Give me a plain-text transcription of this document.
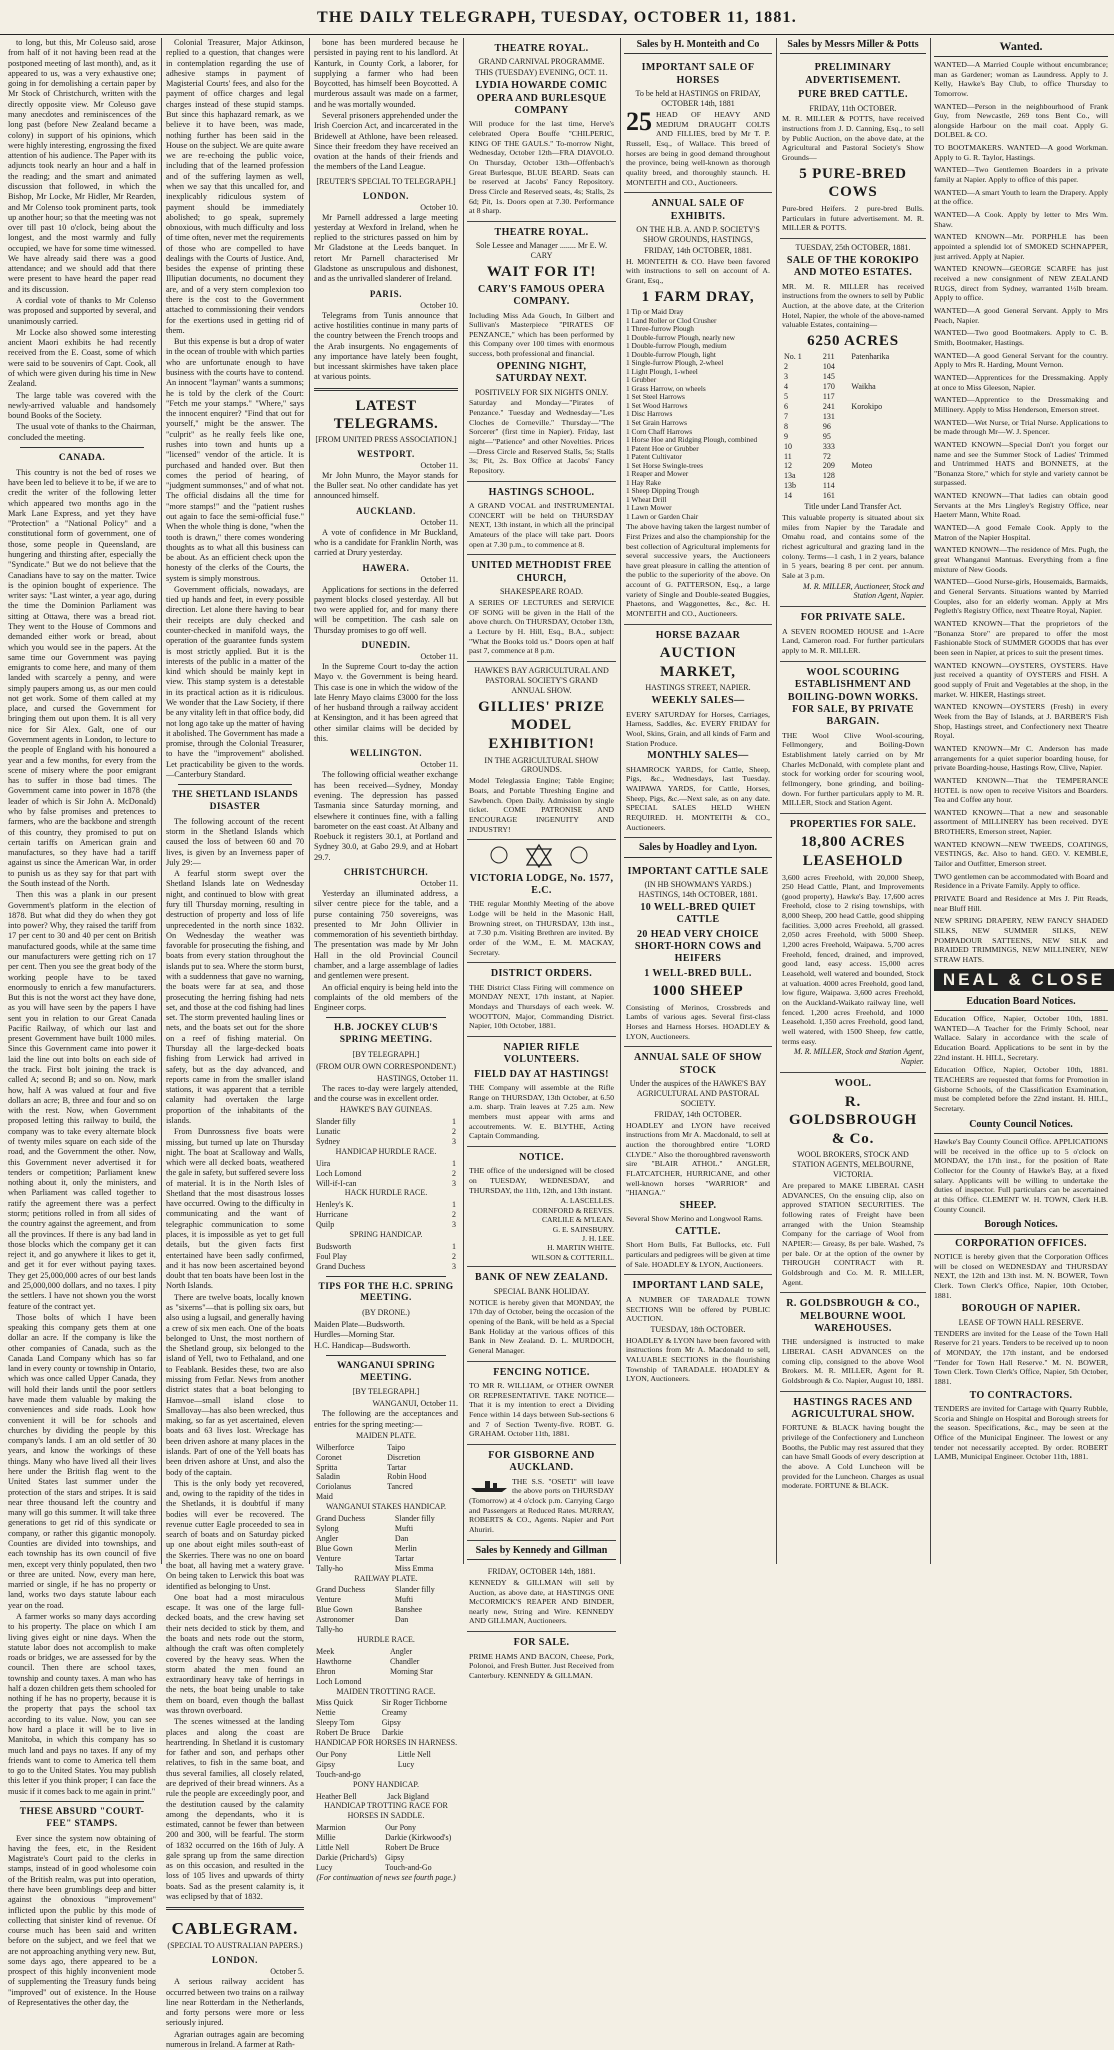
THE DAILY TELEGRAPH, TUESDAY, OCTOBER 11, 1881.

to long, but this, Mr Coleuso said, arose from half of it not having been read at the postponed meeting of last month), and, as it appeared to us, was a very exhaustive one; going in for demolishing a certain paper by Mr Stock of Christchurch, written with the directly opposite view. Mr Coleuso gave many anecdotes and reminiscences of the long past (before New Zealand became a colony) in support of his opinions, which were highly interesting, engrossing the fixed attention of his audience. The Paper with its adjuncts took nearly an hour and a half in the reading; and the smart and animated discussion that followed, in which the Bishop, Mr Locke, Mr Hidler, Mr Rearden, and Mr Colenso took prominent parts, took up another hour; so that the meeting was not over till past 10 o'clock, being about the longest, and the most warmly and fully occupied, we have for some time witnessed. We have already said there was a good attendance; and we should add that there were present to have heard the paper read and its discussion.

A cordial vote of thanks to Mr Colenso was proposed and supported by several, and unanimously carried.

Mr Locke also showed some interesting ancient Maori exhibits he had recently received from the E. Coast, some of which were said to be souvenirs of Capt. Cook, all of which were given during his time in New Zealand.

The large table was covered with the newly-arrived valuable and handsomely bound Books of the Society.

The usual vote of thanks to the Chairman, concluded the meeting.

CANADA.

This country is not the bed of roses we have been led to believe it to be, if we are to credit the writer of the following letter which appeared two months ago in the Mark Lane Express, and yet they have "Protection" a "National Policy" and a constitutional form of government, one of those, some people in Queensland, are hungering and thirsting after, especially the "Syndicate." But we do not believe that the Canadians have to say on the matter. Twice is the opinion bought of experience. The writer says: "Last winter, a year ago, during the time the Dominion Parliament was sitting at Ottawa, there was a bread riot. They went to the House of Commons and demanded either work or bread, about which you would see in the papers. At the same time our Government was paying emigrants to come here, and many of them landed with scarcely a penny, and were simply paupers among us, as our men could not get work. Some of them called at my place, and cursed the Government for bringing them out upon them. It is all very nice for Sir Alex. Galt, one of our Government agents in London, to lecture to the people of England with his honoured a year and a few months, for every from the scene of misery where the poor emigrant has to suffer in those bad times. The Government came into power in 1878 (the leader of which is Sir John A. McDonald) who by false promises and pretences to farmers, who are the backbone and strength of this country, they promised to put on certain tariffs on American grain and manufactures, so they have had a tariff against us since the American War, in order to punish us as they say for that part with the South instead of the North.

Then this was a plank in our present Government's platform in the election of 1878. But what did they do when they got into power? Why, they raised the tariff from 17 per cent to 30 and 40 per cent on British manufactured goods, while at the same time our manufacturers were getting rich on 17 per cent. Then you see the great body of the working people have to be taxed enormously to enrich a few manufacturers. But this is not the worst act they have done, as you will have seen by the papers I have sent you in relation to our Great Canada Pacific Railway, of which our last and present Government have built 1000 miles. Since this Government came into power it laid the line out into bolts on each side of the track. First bolt joining the track is called A; second B; and so on. Now, mark how, half A was valued at four and five dollars an acre; B, three and four and so on with the rest. Now, when Government proposed letting this railway to build, the company was to take every alternate block of twenty miles square on each side of the road, and the Government the other. Now, this Government never advertised it for tenders or competition; Parliament knew nothing about it, only the ministers, and when Parliament was called together to ratify the agreement there was a perfect storm; petitions rolled in from all sides of the country against the agreement, and from all the provinces. If there is any bad land in those blocks which the company get it can reject it, and go anywhere it likes to get it, and get it for ever without paying taxes. They get 25,000,000 acres of our best lands and 25,000,000 dollars, and no taxes. I pity the settlers. I have not shown you the worst feature of the contract yet.

Those bolts of which I have been speaking this company gets them at one dollar an acre. If the company is like the other companies of Canada, such as the Canada Land Company which has so far land in every county or township in Ontario, which was once called Upper Canada, they will hold their lands until the poor settlers have made them valuable by making the conveniences and side roads. Look how convenient it will be for schools and churches by dividing the people by this company's lands. I am an old settler of 30 years, and know the workings of these things. Many who have lived all their lives here under the British flag went to the United States last summer under the protection of the stars and stripes. It is said near three thousand left the country and many will go this summer. It will take three generations to get rid of this syndicate or company, or rather this gigantic monopoly. Counties are divided into townships, and each township has its own council of five men, except very thinly populated, then two or three are united. Now, every man here, married or single, if he has no property or land, works two days statute labour each year on the road.

A farmer works so many days according to his property. The place on which I am living gives eight or nine days. When the statute labor does not accomplish to make roads or bridges, we are assessed for by the council. Then there are school taxes, township and county taxes. A man who has half a dozen children gets them schooled for nothing if he has no property, because it is the property that pays the school tax according to its value. Now, you can see how hard a place it will be to live in Manitoba, in which this company has so much land and pays no taxes. If any of my friends want to come to America tell them to go to the United States. You may publish this letter if you think proper; I can face the music if it comes back to me again in print."

THESE ABSURD "COURT-FEE" STAMPS.

Ever since the system now obtaining of having the fees, etc, in the Resident Magistrate's Court paid to the clerks in stamps, instead of in good wholesome coin of the British realm, was put into operation, there have been grumblings deep and bitter against the obnoxious "improvement" inflicted upon the public by this mode of collecting that sinister kind of revenue. Of course much has been said and written before on the subject, and we feel that we are not approaching anything very new. But, some days ago, there appeared to be a prospect of this highly inconvenient mode of supplementing the Treasury funds being "improved" out of existence. In the House of Representatives the other day, the

Colonial Treasurer, Major Atkinson, replied to a question, that changes were in contemplation regarding the use of adhesive stamps in payment of Magisterial Courts' fees, and also for the payment of office charges and legal charges instead of these stupid stamps. But since this haphazard remark, as we believe it to have been, was made, nothing further has been said in the House on the subject. We are quite aware we are re-echoing the public voice, including that of the learned profession and of the suffering laymen as well, when we say that this uncalled for, and inexplicably ridiculous system of payment should be immediately abolished; to go speak, supremely obnoxious, with much difficulty and loss of time often, never met the requirements of those who are compelled to have dealings with the Courts of Justice. And, besides the expense of printing these Illiputian documents, no document they are, and of a very stern complexion too there is the cost to the Government attached to commissioning their vendors for the exertions used in getting rid of them.

But this expense is but a drop of water in the ocean of trouble with which parties who are unfortunate enough to have business with the courts have to contend. An innocent "layman" wants a summons; he is told by the clerk of the Court: "Fetch me your stamps." "Where," says the innocent enquirer? "Find that out for yourself," might be the answer. The "culprit" as he really feels like one, rushes into town and hunts up a "licensed" vendor of the article. It is purchased and handed over. But then comes the period of hearing, of "judgment summonses," and of what not. The official disdains all the time for "more stamps!" and the "patient rushes out again to face the semi-official fuse." When the whole thing is done, "when the tooth is drawn," there comes wondering thoughts as to what all this business can be about. As an efficient check upon the honesty of the clerks of the Courts, the system is simply monstrous.

Government officials, nowadays, are tied up hands and feet, in every possible direction. Let alone there having to bear their receipts are duly checked and counter-checked in manifold ways, the operation of the guarantee funds system is most strictly applied. But it is the interests of the public in a matter of the kind which should be mainly kept in view. This stamp system is a detestable in its practical action as it is ridiculous. We wonder that the Law Society, if there be any vitality left in that office body, did not long ago take up the matter of having it abolished. The Government has made a promise, through the Colonial Treasurer, to have the "improvement" abolished. Let practicability be given to the words.—Canterbury Standard.

THE SHETLAND ISLANDS DISASTER

The following account of the recent storm in the Shetland Islands which caused the loss of between 60 and 70 lives, is given by an Inverness paper of July 29:—

A fearful storm swept over the Shetland Islands late on Wednesday night, and continued to blow with great fury till Thursday morning, resulting in destruction of property and loss of life unprecedented in the north since 1832. On Wednesday the weather was favorable for prosecuting the fishing, and boats from every station throughout the islands put to sea. Where the storm burst, with a suddenness that gave no warning, the boats were far at sea, and those prosecuting the herring fishing had nets set, and those at the cod fishing had lines set. The storm prevented hauling lines or nets, and the boats set out for the shore on a reef of fishing material. On Thursday all the large-decked boats fishing from Lerwick had arrived in safety, but as the day advanced, and reports came in from the smaller island stations, it was apparent that a terrible calamity had overtaken the large proportion of the inhabitants of the islands.

From Dunrossness five boats were missing, but turned up late on Thursday night. The boat at Scalloway and Walls, which were all decked boats, weathered the gale in safety, but suffered severe loss of material. It is in the North Isles of Shetland that the most disastrous losses have occurred. Owing to the difficulty in communicating and the want of telegraphic communication to some places, it is impossible as yet to get full details, but the given facts first entertained have been sadly confirmed, and it has now been ascertained beyond doubt that ten boats have been lost in the North Islands.

There are twelve boats, locally known as "sixerns"—that is polling six oars, but also using a lugsail, and generally having a crew of six men each. One of the boats belonged to Unst, the most northern of the Shetland group, six belonged to the island of Yell, two to Fethaland, and one to Feablank. Besides these, two are also missing from Fetlar. News from another district states that a boat belonging to Hamvoe—small island close to Smallovay—has also been wrecked, thus making, so far as yet ascertained, eleven boats and 63 lives lost. Wreckage has been driven ashore at many places in the islands. Part of one of the Yell boats has been driven ashore at Unst, and also the body of the captain.

This is the only body yet recovered, and, owing to the rapidity of the tides in the Shetlands, it is doubtful if many bodies will ever be recovered. The revenue cutter Eagle proceeded to sea in search of boats and on Saturday picked up one about eight miles south-east of the Skerries. There was no one on board the boat, all having met a watery grave. On being taken to Lerwick this boat was identified as belonging to Unst.

One boat had a most miraculous escape. It was one of the large full-decked boats, and the crew having set their nets decided to stick by them, and the boats and nets rode out the storm, although the craft was often completely covered by the heavy seas. When the storm abated the men found an extraordinary heavy take of herrings in the nets, the boat being unable to take them on board, even though the ballast was thrown overboard.

The scenes witnessed at the landing places and along the coast are heartrending. In Shetland it is customary for father and son, and perhaps other relatives, to fish in the same boat, and thus several families, all closely related, are deprived of their bread winners. As a rule the people are exceedingly poor, and the destitution caused by the calamity among the dependants, who it is estimated, cannot be fewer than between 200 and 300, will be fearful. The storm of 1832 occurred on the 16th of July. A gale sprang up from the same direction as on this occasion, and resulted in the loss of 105 lives and upwards of thirty boats. Sad as the present calamity is, it was eclipsed by that of 1832.

CABLEGRAM.
(SPECIAL TO AUSTRALIAN PAPERS.)
LONDON.
October 5.

A serious railway accident has occurred between two trains on a railway line near Rotterdam in the Netherlands, and forty persons were more or less seriously injured.

Agrarian outrages again are becoming numerous in Ireland. A farmer at Rath-

bone has been murdered because he persisted in paying rent to his landlord. At Kanturk, in County Cork, a laborer, for supplying a farmer who had been Boycotted, has himself been Boycotted. A murderous assault was made on a farmer, and he was mortally wounded.

Several prisoners apprehended under the Irish Coercion Act, and incarcerated in the Bridewell at Athlone, have been released. Since their freedom they have received an ovation at the hands of their friends and the members of the Land League.

[REUTER'S SPECIAL TO TELEGRAPH.]
LONDON.
October 10.

Mr Parnell addressed a large meeting yesterday at Wexford in Ireland, when he replied to the strictures passed on him by Mr Gladstone at the Leeds banquet. In retort Mr Parnell characterised Mr Gladstone as unscrupulous and dishonest, and as the unrivalled slanderer of Ireland.

PARIS.
October 10.

Telegrams from Tunis announce that active hostilities continue in many parts of the country between the French troops and the Arab insurgents. No engagements of any importance have lately been fought, but incessant skirmishes have taken place at various points.

LATEST TELEGRAMS.
[FROM UNITED PRESS ASSOCIATION.]
WESTPORT.
October 11.

Mr John Munro, the Mayor stands for the Buller seat. No other candidate has yet announced himself.

AUCKLAND.
October 11.

A vote of confidence in Mr Buckland, who is a candidate for Franklin North, was carried at Drury yesterday.

HAWERA.
October 11.

Applications for sections in the deferred payment blocks closed yesterday. All but two were applied for, and for many there will be competition. The cash sale on Thursday promises to go off well.

DUNEDIN.
October 11.

In the Supreme Court to-day the action Mayo v. the Government is being heard. This case is one in which the widow of the late Henry Mayo claims £3000 for the loss of her husband through a railway accident at Kensington, and it has been agreed that other similar claims will be decided by this.

WELLINGTON.
October 11.

The following official weather exchange has been received—Sydney, Monday evening. The depression has passed Tasmania since Saturday morning, and elsewhere it continues fine, with a falling barometer on the east coast. At Albany and Roebuck it registers 30.1, at Portland and Sydney 30.0, at Gabo 29.9, and at Hobart 29.7.

CHRISTCHURCH.
October 11.

Yesterday an illuminated address, a silver centre piece for the table, and a purse containing 750 sovereigns, was presented to Mr John Ollivier in commemoration of his seventieth birthday. The presentation was made by Mr John Hall in the old Provincial Council chamber, and a large assemblage of ladies and gentlemen were present.

An official enquiry is being held into the complaints of the old members of the Engineer corps.

H.B. JOCKEY CLUB'S SPRING MEETING.
[BY TELEGRAPH.]
(FROM OUR OWN CORRESPONDENT.)
HASTINGS, October 11.

The races to-day were largely attended, and the course was in excellent order.

HAWKE'S BAY GUINEAS.
Slander filly	1
Lunatic	2
Sydney	3
HANDICAP HURDLE RACE.
Uira	1
Loch Lomond	2
Will-if-I-can	3
HACK HURDLE RACE.
Henley's K.	1
Hurricane	2
Quilp	3
SPRING HANDICAP.
Budsworth	1
Foul Play	2
Grand Duchess	3
TIPS FOR THE H.C. SPRING MEETING.
(BY DRONE.)
Maiden Plate—Budsworth.
Hurdles—Morning Star.
H.C. Handicap—Budsworth.
WANGANUI SPRING MEETING.
[BY TELEGRAPH.]
WANGANUI, October 11.

The following are the acceptances and entries for the spring meeting:—

MAIDEN PLATE.
Wilberforce	Taipo
Coronet	Discretion
Spritta	Tartar
Saladin	Robin Hood
Coriolanus	Tancred
Maid	
WANGANUI STAKES HANDICAP.
Grand Duchess	Slander filly
Sylong	Mufti
Angler	Dan
Blue Gown	Merlin
Venture	Tartar
Tally-ho	Miss Emma
RAILWAY PLATE.
Grand Duchess	Slander filly
Venture	Mufti
Blue Gown	Banshee
Astronomer	Dan
Tally-ho	
HURDLE RACE.
Meek	Angler
Hawthorne	Chandler
Ehron	Morning Star
Loch Lomond	
MAIDEN TROTTING RACE.
Miss Quick	Sir Roger Tichborne
Nettie	Creamy
Sleepy Tom	Gipsy
Robert De Bruce	Darkie
HANDICAP FOR HORSES IN HARNESS.
Our Pony	Little Nell
Gipsy	Lucy
Touch-and-go	
PONY HANDICAP.
Heather Bell	Jack Bigland
HANDICAP TROTTING RACE FOR HORSES IN SADDLE.
Marmion	Our Pony
Millie	Darkie (Kirkwood's)
Little Nell	Robert De Bruce
Darkie (Prichard's)	Gipsy
Lucy	Touch-and-Go
(For continuation of news see fourth page.)
THEATRE ROYAL.
GRAND CARNIVAL PROGRAMME.
THIS (TUESDAY) EVENING, OCT. 11.
LYDIA HOWARDE COMIC OPERA AND BURLESQUE COMPANY
Will produce for the last time, Herve's celebrated Opera Bouffe "CHILPERIC, KING OF THE GAULS." To-morrow Night, Wednesday, October 12th—FRA DIAVOLO. On Thursday, October 13th—Offenbach's Great Burlesque, BLUE BEARD. Seats can be reserved at Jacobs' Fancy Repository. Dress Circle and Reserved seats, 4s; Stalls, 2s 6d; Pit, 1s. Doors open at 7.30. Performance at 8 sharp.
THEATRE ROYAL.
Sole Lessee and Manager ........ Mr E. W. CARY
WAIT FOR IT!
CARY'S FAMOUS OPERA COMPANY.
Including Miss Ada Gouch, In Gilbert and Sullivan's Masterpiece "PIRATES OF PENZANCE," which has been performed by this Company over 100 times with enormous success, both professional and financial.
OPENING NIGHT, SATURDAY NEXT.
POSITIVELY FOR SIX NIGHTS ONLY.
Saturday and Monday—"Pirates of Penzance." Tuesday and Wednesday—"Les Cloches de Corneville." Thursday—"The Sorcerer" (first time in Napier). Friday, last night—"Patience" and other Novelties. Prices—Dress Circle and Reserved Stalls, 5s; Stalls 3s; Pit, 2s. Box Office at Jacobs' Fancy Repository.
HASTINGS SCHOOL.
A GRAND VOCAL and INSTRUMENTAL CONCERT will be held on THURSDAY NEXT, 13th instant, in which all the principal Amateurs of the place will take part. Doors open at 7.30 p.m., to commence at 8.
UNITED METHODIST FREE CHURCH,
SHAKESPEARE ROAD.
A SERIES OF LECTURES and SERVICE OF SONG will be given in the Hall of the above church. On THURSDAY, October 13th, a Lecture by H. Hill, Esq., B.A., subject: "What the Books told us." Doors open at half past 7, commence at 8 p.m.
HAWKE'S BAY AGRICULTURAL AND PASTORAL SOCIETY'S GRAND ANNUAL SHOW.
GILLIES' PRIZE MODEL EXHIBITION!
IN THE AGRICULTURAL SHOW GROUNDS.
Model Teleglassia Engine; Table Engine; Boats, and Portable Threshing Engine and Sawbench. Open Daily. Admission by single ticket. COME PATRONISE AND ENCOURAGE INGENUITY AND INDUSTRY!
VICTORIA LODGE, No. 1577, E.C.
THE regular Monthly Meeting of the above Lodge will be held in the Masonic Hall, Browning street, on THURSDAY, 13th inst., at 7.30 p.m. Visiting Brethren are invited. By order of the W.M., E. M. MACKAY, Secretary.
DISTRICT ORDERS.
THE District Class Firing will commence on MONDAY NEXT, 17th instant, at Napier. Mondays and Thursdays of each week. W. WOOTTON, Major, Commanding District. Napier, 10th October, 1881.
NAPIER RIFLE VOLUNTEERS.
FIELD DAY AT HASTINGS!
THE Company will assemble at the Rifle Range on THURSDAY, 13th October, at 6.50 a.m. sharp. Train leaves at 7.25 a.m. New members must appear with arms and accoutrements. W. E. BLYTHE, Acting Captain Commanding.
NOTICE.
THE office of the undersigned will be closed on TUESDAY, WEDNESDAY, and THURSDAY, the 11th, 12th, and 13th instant.
A. LASCELLES.
CORNFORD & REEVES.
CARLILE & M'LEAN.
G. E. SAINSBURY.
J. H. LEE.
H. MARTIN WHITE.
WILSON & COTTERILL.
BANK OF NEW ZEALAND.
SPECIAL BANK HOLIDAY.
NOTICE is hereby given that MONDAY, the 17th day of October, being the occasion of the opening of the Bank, will be held as a Special Bank Holiday at the various offices of this Bank in New Zealand. D. L. MURDOCH, General Manager.
FENCING NOTICE.
TO MR R. WILLIAM, or OTHER OWNER OR REPRESENTATIVE. TAKE NOTICE—That it is my intention to erect a Dividing Fence within 14 days between Sub-sections 6 and 7 of Section Twenty-five. ROBT. G. GRAHAM. October 11th, 1881.
FOR GISBORNE AND AUCKLAND.
THE S.S. "OSETI" will leave the above ports on THURSDAY (Tomorrow) at 4 o'clock p.m. Carrying Cargo and Passengers at Reduced Rates. MURRAY, ROBERTS & CO., Agents. Napier and Port Ahuriri.
Sales by Kennedy and Gillman
FRIDAY, OCTOBER 14th, 1881.
KENNEDY & GILLMAN will sell by Auction, as above date, at HASTINGS ONE McCORMICK'S REAPER AND BINDER, nearly new, String and Wire. KENNEDY AND GILLMAN, Auctioneers.
FOR SALE.
PRIME HAMS AND BACON, Cheese, Pork, Polonoi, and Fresh Butter. Just Received from Canterbury. KENNEDY & GILLMAN.
Sales by H. Monteith and Co
IMPORTANT SALE OF HORSES
To be held at HASTINGS on FRIDAY, OCTOBER 14th, 1881
25 HEAD OF HEAVY AND MEDIUM DRAUGHT COLTS AND FILLIES, bred by Mr T. P. Russell, Esq., of Wallace. This breed of horses are being in good demand throughout the province, being well-known as thorough quality breed, and thoroughly staunch. H. MONTEITH and CO., Auctioneers.
ANNUAL SALE OF EXHIBITS.
ON THE H.B. A. AND P. SOCIETY'S SHOW GROUNDS, HASTINGS,
FRIDAY, 14th OCTOBER, 1881.
H. MONTEITH & CO. Have been favored with instructions to sell on account of A. Grant, Esq.,
1 FARM DRAY,
1 Tip or Maid Dray
1 Land Roller or Clod Crusher
1 Three-furrow Plough
1 Double-furrow Plough, nearly new
1 Double-furrow Plough, medium
1 Double-furrow Plough, light
1 Single-furrow Plough, 2-wheel
1 Light Plough, 1-wheel
1 Grubber
1 Grass Harrow, on wheels
1 Set Steel Harrows
1 Set Wood Harrows
1 Disc Harrows
1 Set Grain Harrows
1 Corn Chaff Harrows
1 Horse Hoe and Ridging Plough, combined
1 Patent Hoe or Grubber
1 Patent Cultivator
1 Set Horse Swingle-trees
1 Reaper and Mower
1 Hay Rake
1 Sheep Dipping Trough
1 Wheat Drill
1 Lawn Mower
1 Lawn or Garden Chair
The above having taken the largest number of First Prizes and also the championship for the best collection of Agricultural implements for several successive years, the Auctioneers have great pleasure in calling the attention of the public to the superiority of the above. On account of G. PATTERSON, Esq., a large variety of Single and Double-seated Buggies, Phaetons, and Waggonettes, &c., &c. H. MONTEITH and CO., Auctioneers.
HORSE BAZAAR
AUCTION MARKET,
HASTINGS STREET, NAPIER.
WEEKLY SALES—
EVERY SATURDAY for Horses, Carriages, Harness, Saddles, &c. EVERY FRIDAY for Wool, Skins, Grain, and all kinds of Farm and Station Produce.
MONTHLY SALES—
SHAMROCK YARDS, for Cattle, Sheep, Pigs, &c., Wednesdays, last Tuesday. WAIPAWA YARDS, for Cattle, Horses, Sheep, Pigs, &c.—Next sale, as on any date. SPECIAL SALES HELD WHEN REQUIRED. H. MONTEITH & CO., Auctioneers.
Sales by Hoadley and Lyon.
IMPORTANT CATTLE SALE
(IN HB SHOWMAN'S YARDS.) HASTINGS, 14th OCTOBER, 1881.
10 WELL-BRED QUIET CATTLE
20 HEAD VERY CHOICE SHORT-HORN COWS and HEIFERS
1 WELL-BRED BULL.
1000 SHEEP
Consisting of Merinos, Crossbreds and Lambs of various ages. Several first-class Horses and Harness Horses. HOADLEY & LYON, Auctioneers.
ANNUAL SALE OF SHOW STOCK
Under the auspices of the HAWKE'S BAY AGRICULTURAL AND PASTORAL SOCIETY.
FRIDAY, 14th OCTOBER.
HOADLEY and LYON have received instructions from Mr A. Macdonald, to sell at auction the thoroughbred entire "LORD CLYDE." Also the thoroughbred ravensworth sire "BLAIR ATHOL." ANGLER, FLATCATCHER, HURRICANE, and other well-known horses "WARRIOR" and "HIANGA."
SHEEP.
Several Show Merino and Longwool Rams.
CATTLE.
Short Horn Bulls, Fat Bullocks, etc. Full particulars and pedigrees will be given at time of Sale. HOADLEY & LYON, Auctioneers.
IMPORTANT LAND SALE,
A NUMBER OF TARADALE TOWN SECTIONS Will be offered by PUBLIC AUCTION.
TUESDAY, 18th OCTOBER.
HOADLEY & LYON have been favored with instructions from Mr A. Macdonald to sell, VALUABLE SECTIONS in the flourishing Township of TARADALE. HOADLEY & LYON, Auctioneers.
Sales by Messrs Miller & Potts
PRELIMINARY ADVERTISEMENT.
PURE BRED CATTLE.
FRIDAY, 11th OCTOBER.
M. R. MILLER & POTTS, have received instructions from J. D. Canning, Esq., to sell by Public Auction, on the above date, at the Agricultural and Pastoral Society's Show Grounds—
5 PURE-BRED COWS
Pure-bred Heifers. 2 pure-bred Bulls. Particulars in future advertisement. M. R. MILLER & POTTS.
TUESDAY, 25th OCTOBER, 1881.
SALE OF THE KOROKIPO AND MOTEO ESTATES.
MR. M. R. MILLER has received instructions from the owners to sell by Public Auction, at the above date, at the Criterion Hotel, Napier, the whole of the above-named valuable Estates, containing—
6250 ACRES
No. 1	211	Patenharika
2	104	
3	145	
4	170	Waikha
5	117	
6	241	Korokipo
7	131	
8	96	
9	95	
10	333	
11	72	
12	209	Moteo
13a	128	
13b	114	
14	161	
Title under Land Transfer Act.
This valuable property is situated about six miles from Napier by the Taradale and Omahu road, and contains some of the richest agricultural and grazing land in the colony. Terms—1 cash, 1 in 2 years, balance in 5 years, bearing 8 per cent. per annum. Sale at 3 p.m.
M. R. MILLER, Auctioneer, Stock and Station Agent, Napier.
FOR PRIVATE SALE.
A SEVEN ROOMED HOUSE and 1-Acre Land, Cameron road. For further particulars apply to M. R. MILLER.
WOOL SCOURING ESTABLISHMENT AND BOILING-DOWN WORKS. FOR SALE, BY PRIVATE BARGAIN.
THE Wool Clive Wool-scouring, Fellmongery, and Boiling-Down Establishment lately carried on by Mr Charles McDonald, with complete plant and stock for working order for scouring wool, fellmongery, bone grinding, and boiling-down. For further particulars apply to M. R. MILLER, Stock and Station Agent.
PROPERTIES FOR SALE.
18,800 ACRES LEASEHOLD
3,600 acres Freehold, with 20,000 Sheep, 250 Head Cattle, Plant, and Improvements (good property), Hawke's Bay. 17,600 acres Freehold, close to 2 rising townships, with 8,000 Sheep, 200 head Cattle, good shipping facilities. 3,000 acres Freehold, all grassed. 2,050 acres Freehold, with 5000 Sheep. 1,200 acres Freehold, Waipawa. 5,700 acres Freehold, fenced, drained, and improved, good land, easy access. 15,000 acres Leasehold, well watered and bounded, Stock at valuation. 4000 acres Freehold, good land, low figure, Waipawa. 3,600 acres Freehold, on the Auckland-Waikato railway line, well fenced. 1,200 acres Freehold, and 1000 Leasehold. 1,350 acres Freehold, good land, well watered, with 1500 Sheep, few cattle, terms easy.
M. R. MILLER, Stock and Station Agent, Napier.
WOOL.
R. GOLDSBROUGH & Co.
WOOL BROKERS, STOCK AND STATION AGENTS, MELBOURNE, VICTORIA.
Are prepared to MAKE LIBERAL CASH ADVANCES, On the ensuing clip, also on approved STATION SECURITIES. The following rates of Freight have been arranged with the Union Steamship Company for the carriage of Wool from NAPIER:— Greasy, 8s per bale. Washed, 7s per bale. Or at the option of the owner by THROUGH CONTRACT with R. Goldsbrough and Co. M. R. MILLER, Agent.
R. GOLDSBROUGH & CO., MELBOURNE WOOL WAREHOUSES.
THE undersigned is instructed to make LIBERAL CASH ADVANCES on the coming clip, consigned to the above Wool Brokers. M. R. MILLER, Agent for R. Goldsbrough & Co. Napier, August 10, 1881.
HASTINGS RACES AND AGRICULTURAL SHOW.
FORTUNE & BLACK having bought the privilege of the Confectionery and Luncheon Booths, the Public may rest assured that they can have Small Goods of every description at the above. A Cold Luncheon will be provided for the Luncheon. Charges as usual moderate. FORTUNE & BLACK.
Wanted.

WANTED—A Married Couple without encumbrance; man as Gardener; woman as Laundress. Apply to J. Kelly, Hawke's Bay Club, to office Thursday to Tomorrow.

WANTED—Person in the neighbourhood of Frank Guy, from Newcastle, 269 tons Bent Co., will alongside Harbour on the mail coat. Apply G. DOLBEL & CO.

TO BOOTMAKERS. WANTED—A good Workman. Apply to G. R. Taylor, Hastings.

WANTED—Two Gentlemen Boarders in a private family at Napier. Apply to office of this paper.

WANTED—A smart Youth to learn the Drapery. Apply at the office.

WANTED—A Cook. Apply by letter to Mrs Wm. Shaw.

WANTED KNOWN—Mr. PORPHLE has been appointed a splendid lot of SMOKED SCHNAPPER, just arrived. Apply at Napier.

WANTED KNOWN—GEORGE SCARFE has just received a new consignment of NEW ZEALAND RUGS, direct from Sydney, warranted 1½lb bream. Apply to office.

WANTED—A good General Servant. Apply to Mrs Peach, Napier.

WANTED—Two good Bootmakers. Apply to C. B. Smith, Bootmaker, Hastings.

WANTED—A good General Servant for the country. Apply to Mrs R. Harding, Mount Vernon.

WANTED—Apprentices for the Dressmaking. Apply at once to Miss Gleeson, Napier.

WANTED—Apprentice to the Dressmaking and Millinery. Apply to Miss Henderson, Emerson street.

WANTED—Wet Nurse, or Trial Nurse. Applications to be made through Mr—W. J. Spencer.

WANTED KNOWN—Special Don't you forget our name and see the Summer Stock of Ladies' Trimmed and Untrimmed HATS and BONNETS, at the "Bonanza Store," which for style and variety cannot be surpassed.

WANTED KNOWN—That ladies can obtain good Servants at the Mrs Lingley's Registry Office, near Haeterr Mann, White Road.

WANTED—A good Female Cook. Apply to the Matron of the Napier Hospital.

WANTED KNOWN—The residence of Mrs. Pugh, the great Whanganui Mantuas. Everything from a fine mixture of New Goods.

WANTED—Good Nurse-girls, Housemaids, Barmaids, and General Servants. Situations wanted by Married Couples, also for an elderly woman. Apply at Mrs Pegleth's Registry Office, next Theatre Royal, Napier.

WANTED KNOWN—That the proprietors of the "Bonanza Store" are prepared to offer the most Fashionable Stock of SUMMER GOODS that has ever been seen in Napier, at prices to suit the present times.

WANTED KNOWN—OYSTERS, OYSTERS. Have just received a quantity of OYSTERS and FISH. A good supply of Fruit and Vegetables at the shop, in the market. W. HIKER, Hastings street.

WANTED KNOWN—OYSTERS (Fresh) in every Week from the Bay of Islands, at J. BARBER'S Fish Shop, Hastings street, and Confectionery next Theatre Royal.

WANTED KNOWN—Mr C. Anderson has made arrangements for a quiet superior boarding house, for private Boarding-house, Hastings Row, Clive, Napier.

WANTED KNOWN—That the TEMPERANCE HOTEL is now open to receive Visitors and Boarders. Tea and Coffee any hour.

WANTED KNOWN—That a new and seasonable assortment of MILLINERY has been received. DYE BROTHERS, Emerson street, Napier.

WANTED KNOWN—NEW TWEEDS, COATINGS, VESTINGS, &c. Also to hand. GEO. V. KEMBLE, Tailor and Outfitter, Emerson street.

TWO gentlemen can be accommodated with Board and Residence in a Private Family. Apply to office.

PRIVATE Board and Residence at Mrs J. Pitt Reads, near Bluff Hill.

NEW SPRING DRAPERY, NEW FANCY SHADED SILKS, NEW SUMMER SILKS, NEW POMPADOUR SATTEENS, NEW SILK and BRAIDED TRIMMINGS, NEW MILLINERY, NEW STRAW HATS.

NEAL & CLOSE
Education Board Notices.

Education Office, Napier, October 10th, 1881. WANTED—A Teacher for the Frimly School, near Wallace. Salary in accordance with the scale of Education Board. Applications to be sent in by the 22nd instant. H. HILL, Secretary.

Education Office, Napier, October 10th, 1881. TEACHERS are requested that forms for Promotion in Gisborne Schools, of the Classification Examination, must be completed before the 22nd instant. H. HILL, Secretary.

County Council Notices.

Hawke's Bay County Council Office. APPLICATIONS will be received in the office up to 5 o'clock on MONDAY, the 17th inst., for the position of Rate Collector for the County of Hawke's Bay, at a fixed salary. Applicants will be willing to undertake the duties of inspector. Full particulars can be ascertained at this Office. CLEMENT W. H. TOWN, Clerk H.B. County Council.

Borough Notices.
CORPORATION OFFICES.

NOTICE is hereby given that the Corporation Offices will be closed on WEDNESDAY and THURSDAY NEXT, the 12th and 13th inst. M. N. BOWER, Town Clerk. Town Clerk's Office, Napier, 10th October, 1881.

BOROUGH OF NAPIER.
LEASE OF TOWN HALL RESERVE.

TENDERS are invited for the Lease of the Town Hall Reserve for 21 years. Tenders to be received up to noon of MONDAY, the 17th instant, and be endorsed "Tender for Town Hall Reserve." M. N. BOWER, Town Clerk. Town Clerk's Office, Napier, 5th October, 1881.

TO CONTRACTORS.

TENDERS are invited for Cartage with Quarry Rubble, Scoria and Shingle on Hospital and Borough streets for the season. Specifications, &c., may be seen at the Office of the Municipal Engineer. The lowest or any tender not necessarily accepted. By order. ROBERT LAMB, Municipal Engineer. October 11th, 1881.
